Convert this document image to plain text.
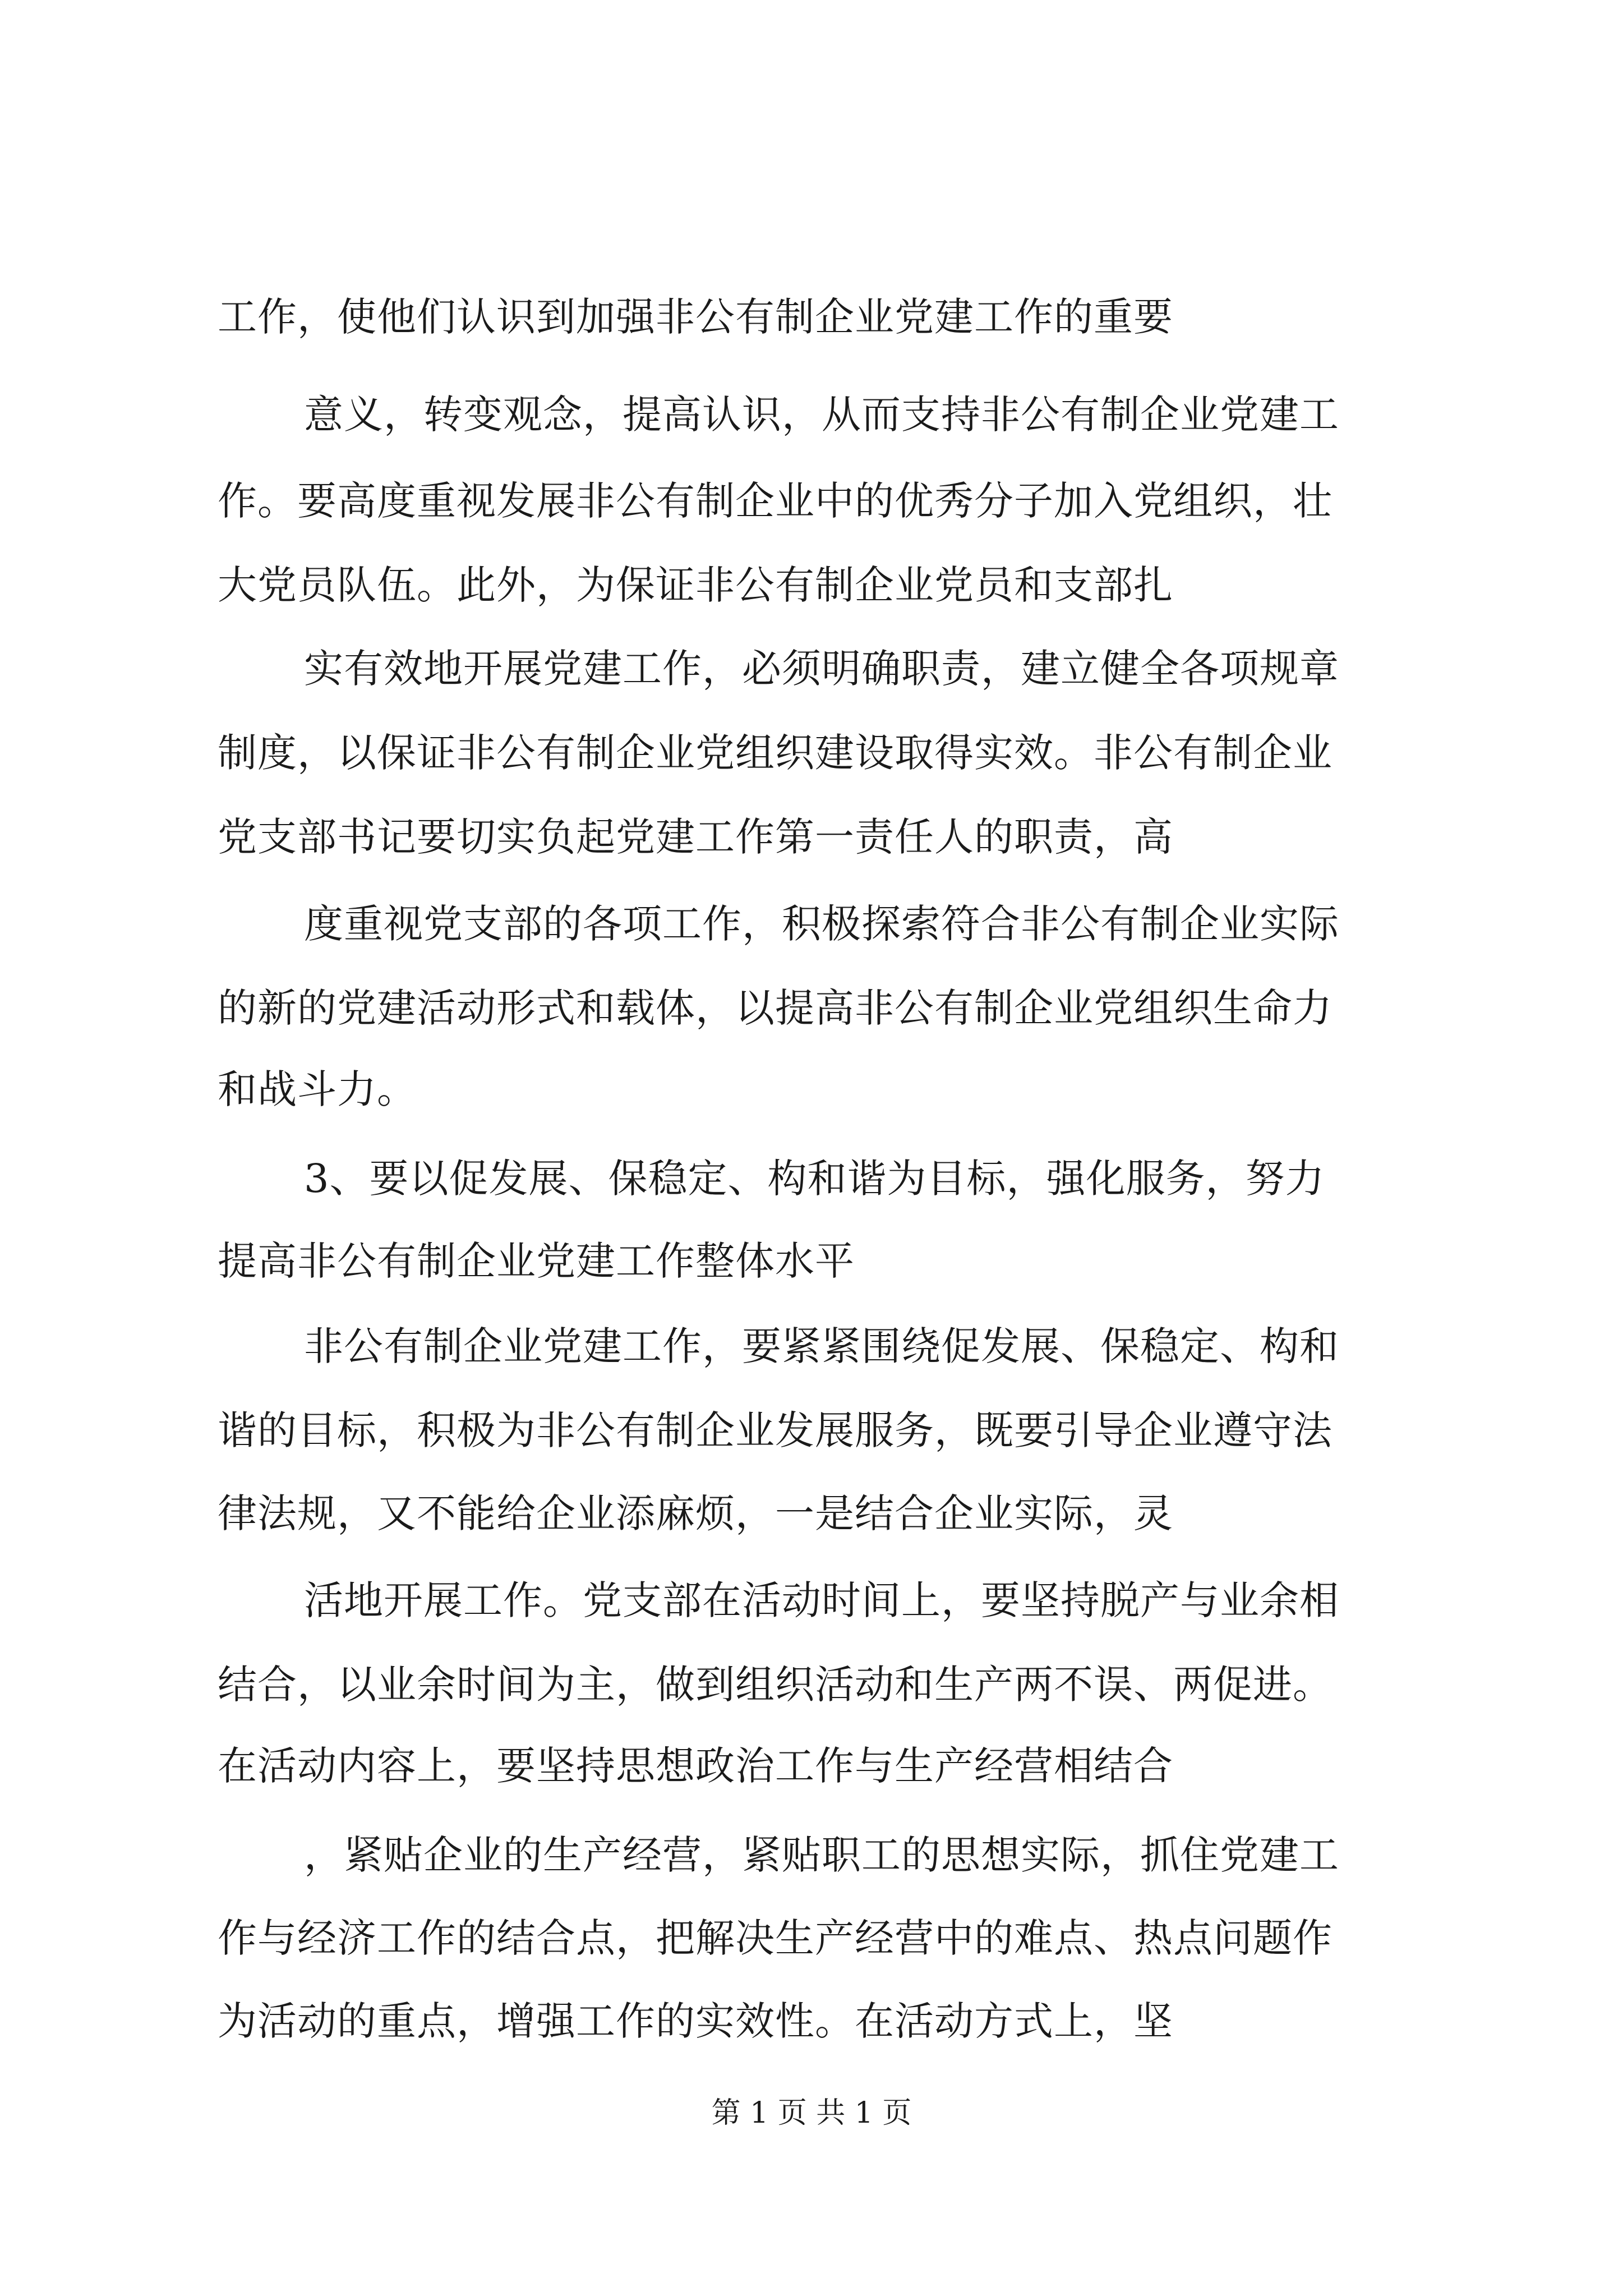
工作，使他们认识到加强非公有制企业党建工作的重要
意义，转变观念，提高认识，从而支持非公有制企业党建工
作。要高度重视发展非公有制企业中的优秀分子加入党组织，壮
大党员队伍。此外，为保证非公有制企业党员和支部扎
实有效地开展党建工作，必须明确职责，建立健全各项规章
制度，以保证非公有制企业党组织建设取得实效。非公有制企业
党支部书记要切实负起党建工作第一责任人的职责，高
度重视党支部的各项工作，积极探索符合非公有制企业实际
的新的党建活动形式和载体，以提高非公有制企业党组织生命力
和战斗力。
3、要以促发展、保稳定、构和谐为目标，强化服务，努力
提高非公有制企业党建工作整体水平
非公有制企业党建工作，要紧紧围绕促发展、保稳定、构和
谐的目标，积极为非公有制企业发展服务，既要引导企业遵守法
律法规，又不能给企业添麻烦，一是结合企业实际，灵
活地开展工作。党支部在活动时间上，要坚持脱产与业余相
结合，以业余时间为主，做到组织活动和生产两不误、两促进。
在活动内容上，要坚持思想政治工作与生产经营相结合
，紧贴企业的生产经营，紧贴职工的思想实际，抓住党建工
作与经济工作的结合点，把解决生产经营中的难点、热点问题作
为活动的重点，增强工作的实效性。在活动方式上，坚
第 1 页 共 1 页
